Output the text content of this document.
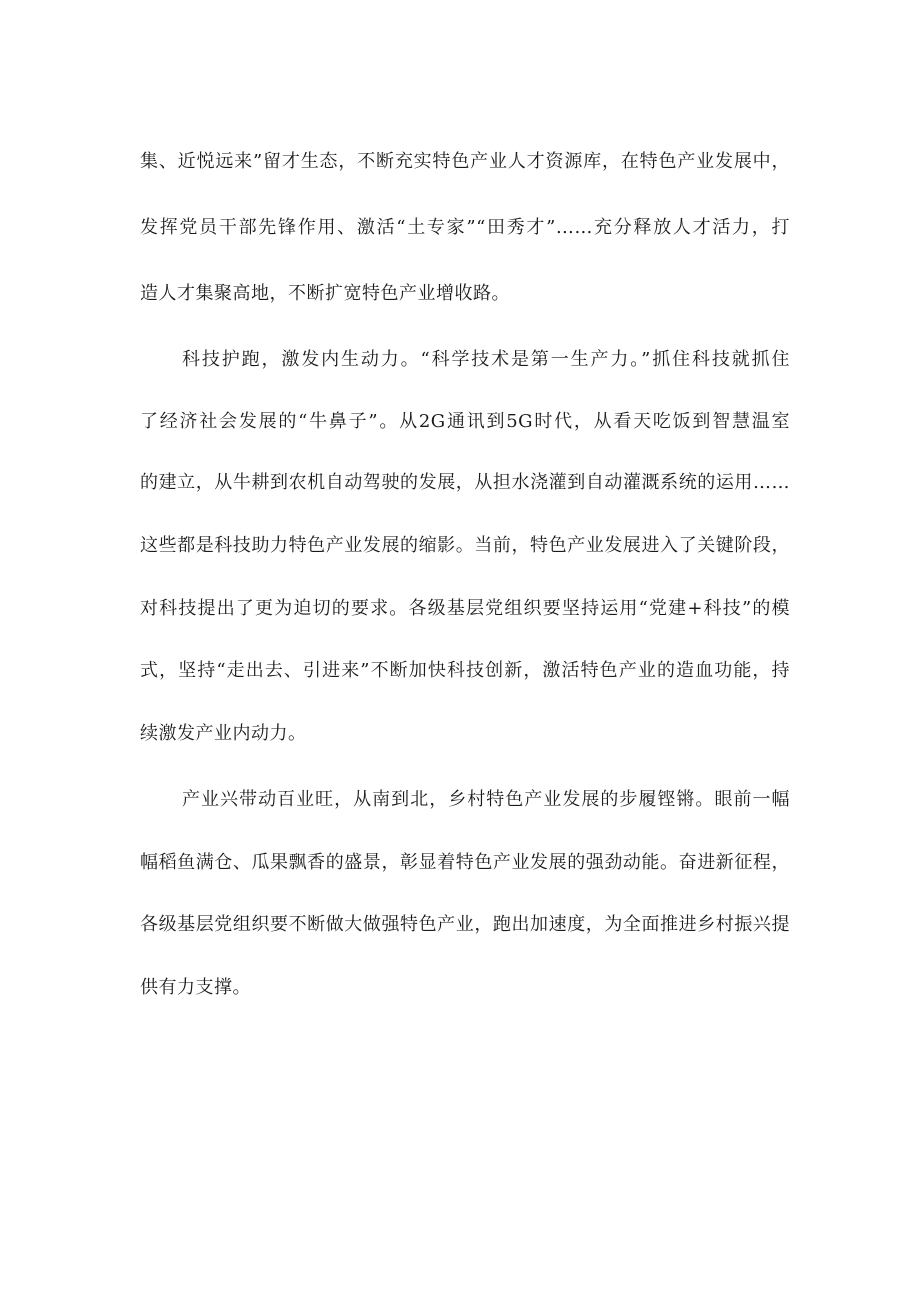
集、近悦远来”留才生态，不断充实特色产业人才资源库，在特色产业发展中，
发挥党员干部先锋作用、激活“土专家”“田秀才”……充分释放人才活力，打
造人才集聚高地，不断扩宽特色产业增收路。
科技护跑，激发内生动力。“科学技术是第一生产力。”抓住科技就抓住
了经济社会发展的“牛鼻子”。从2G通讯到5G时代，从看天吃饭到智慧温室
的建立，从牛耕到农机自动驾驶的发展，从担水浇灌到自动灌溉系统的运用……
这些都是科技助力特色产业发展的缩影。当前，特色产业发展进入了关键阶段，
对科技提出了更为迫切的要求。各级基层党组织要坚持运用“党建+科技”的模
式，坚持“走出去、引进来”不断加快科技创新，激活特色产业的造血功能，持
续激发产业内动力。
产业兴带动百业旺，从南到北，乡村特色产业发展的步履铿锵。眼前一幅
幅稻鱼满仓、瓜果飘香的盛景，彰显着特色产业发展的强劲动能。奋进新征程，
各级基层党组织要不断做大做强特色产业，跑出加速度，为全面推进乡村振兴提
供有力支撑。
